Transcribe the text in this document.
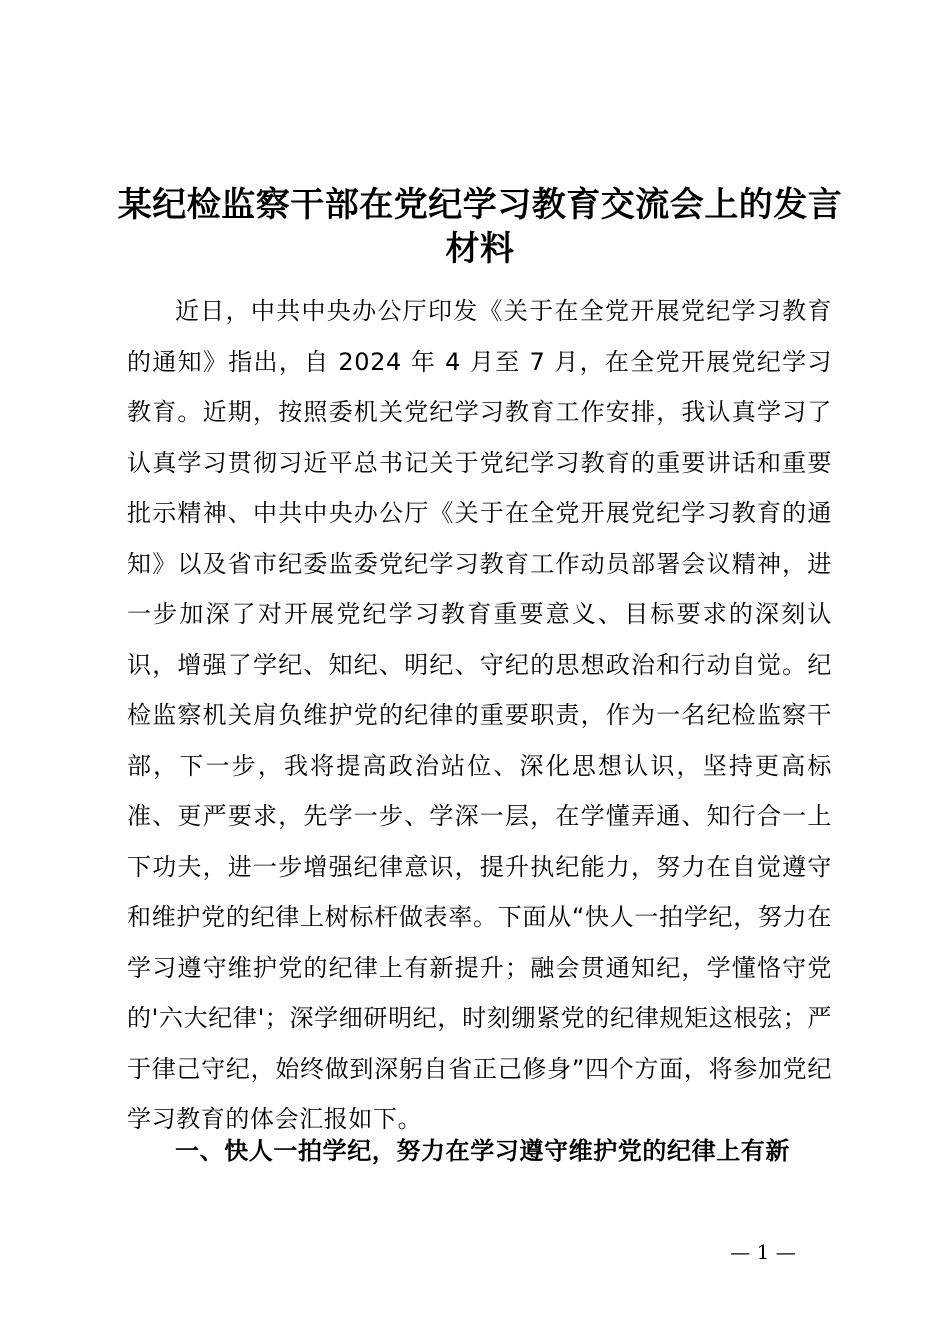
某纪检监察干部在党纪学习教育交流会上的发言材料

近日，中共中央办公厅印发《关于在全党开展党纪学习教育的通知》指出，自 2024 年 4 月至 7 月，在全党开展党纪学习教育。近期，按照委机关党纪学习教育工作安排，我认真学习了认真学习贯彻习近平总书记关于党纪学习教育的重要讲话和重要批示精神、中共中央办公厅《关于在全党开展党纪学习教育的通知》以及省市纪委监委党纪学习教育工作动员部署会议精神，进一步加深了对开展党纪学习教育重要意义、目标要求的深刻认识，增强了学纪、知纪、明纪、守纪的思想政治和行动自觉。纪检监察机关肩负维护党的纪律的重要职责，作为一名纪检监察干部，下一步，我将提高政治站位、深化思想认识，坚持更高标准、更严要求，先学一步、学深一层，在学懂弄通、知行合一上下功夫，进一步增强纪律意识，提升执纪能力，努力在自觉遵守和维护党的纪律上树标杆做表率。下面从“快人一拍学纪，努力在学习遵守维护党的纪律上有新提升；融会贯通知纪，学懂恪守党的'六大纪律'；深学细研明纪，时刻绷紧党的纪律规矩这根弦；严于律己守纪，始终做到深躬自省正己修身”四个方面，将参加党纪学习教育的体会汇报如下。

一、快人一拍学纪，努力在学习遵守维护党的纪律上有新

— 1 —
